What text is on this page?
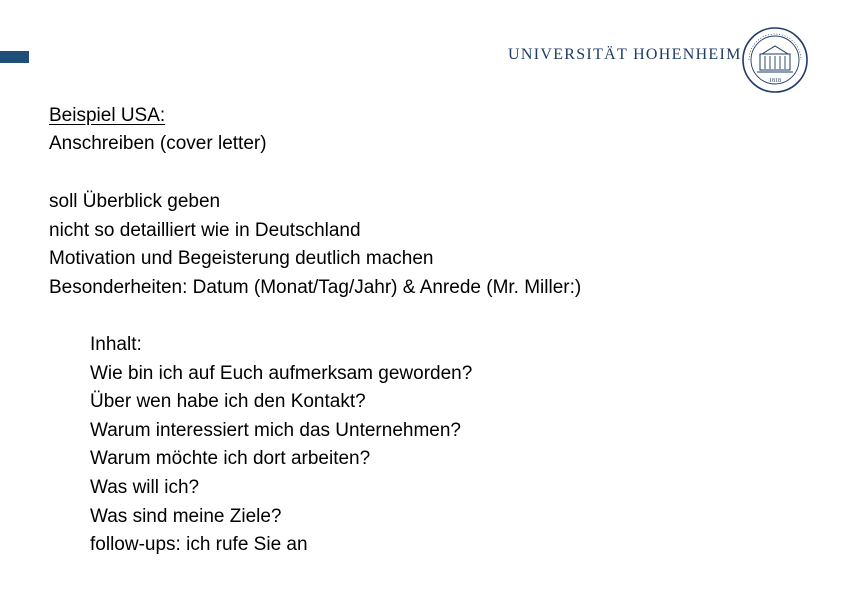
UNIVERSITÄT HOHENHEIM
1818
Beispiel USA:
Anschreiben (cover letter)
soll Überblick geben
nicht so detailliert wie in Deutschland
Motivation und Begeisterung deutlich machen
Besonderheiten: Datum (Monat/Tag/Jahr) & Anrede (Mr. Miller:)
Inhalt:
Wie bin ich auf Euch aufmerksam geworden?
Über wen habe ich den Kontakt?
Warum interessiert mich das Unternehmen?
Warum möchte ich dort arbeiten?
Was will ich?
Was sind meine Ziele?
follow-ups: ich rufe Sie an
